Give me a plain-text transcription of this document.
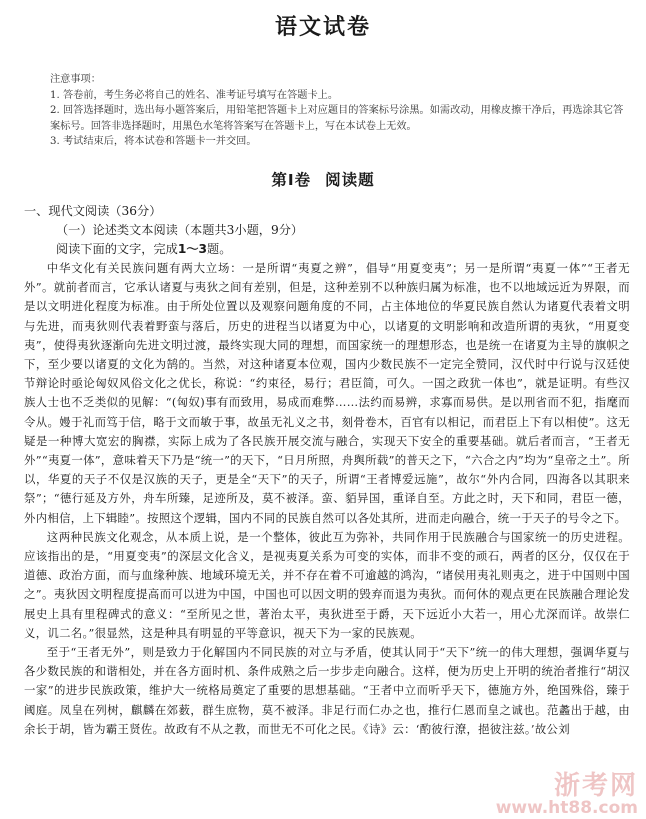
语文试卷
注意事项：
1. 答卷前，考生务必将自己的姓名、准考证号填写在答题卡上。
2. 回答选择题时，选出每小题答案后，用铅笔把答题卡上对应题目的答案标号涂黑。如需改动，用橡皮擦干净后，再选涂其它答案标号。回答非选择题时，用黑色水笔将答案写在答题卡上，写在本试卷上无效。
3. 考试结束后，将本试卷和答题卡一并交回。
第Ⅰ卷 阅读题
一、现代文阅读（36分）
（一）论述类文本阅读（本题共3小题，9分）
阅读下面的文字，完成1～3题。

中华文化有关民族问题有两大立场：一是所谓“夷夏之辨”，倡导“用夏变夷”；另一是所谓“夷夏一体”“王者无外”。就前者而言，它承认诸夏与夷狄之间有差别，但是，这种差别不以种族归属为标准，也不以地域远近为界限，而是以文明进化程度为标准。由于所处位置以及观察问题角度的不同，占主体地位的华夏民族自然认为诸夏代表着文明与先进，而夷狄则代表着野蛮与落后，历史的进程当以诸夏为中心，以诸夏的文明影响和改造所谓的夷狄，“用夏变夷”，使得夷狄逐渐向先进文明过渡，最终实现大同的理想，而国家统一的理想形态，也是统一在诸夏为主导的旗帜之下，至少要以诸夏的文化为鹄的。当然，对这种诸夏本位观，国内少数民族不一定完全赞同，汉代时中行说与汉廷使节辩论时亟论匈奴风俗文化之优长，称说：“约束径，易行；君臣简，可久。一国之政犹一体也”，就是证明。有些汉族人士也不乏类似的见解：“(匈奴)事有而致用，易成而难弊……法约而易辨，求寡而易供。是以刑省而不犯，指麾而令从。嫚于礼而笃于信，略于文而敏于事，故虽无礼义之书，刻骨卷木，百官有以相记，而君臣上下有以相使”。这无疑是一种博大宽宏的胸襟，实际上成为了各民族开展交流与融合，实现天下安全的重要基础。就后者而言，“王者无外”“夷夏一体”，意味着天下乃是“统一”的天下，“日月所照，舟舆所载”的普天之下，“六合之内”均为“皇帝之土”。所以，华夏的天子不仅是汉族的天子，更是全“天下”的天子，所谓“王者博爱远施”，故尔“外内合同，四海各以其职来祭”；“德行延及方外，舟车所臻，足迹所及，莫不被泽。蛮、貊异国，重译自至。方此之时，天下和同，君臣一德，外内相信，上下辑睦”。按照这个逻辑，国内不同的民族自然可以各处其所，进而走向融合，统一于天子的号令之下。

这两种民族文化观念，从本质上说，是一个整体，彼此互为弥补，共同作用于民族融合与国家统一的历史进程。应该指出的是，“用夏变夷”的深层文化含义，是视夷夏关系为可变的实体，而非不变的顽石，两者的区分，仅仅在于道德、政治方面，而与血缘种族、地域环境无关，并不存在着不可逾越的鸿沟，“诸侯用夷礼则夷之，进于中国则中国之”。夷狄因文明程度提高而可以进为中国，中国也可以因文明的毁弃而退为夷狄。而何休的观点更在民族融合理论发展史上具有里程碑式的意义：“至所见之世，著治太平，夷狄进至于爵，天下远近小大若一，用心尤深而详。故崇仁义，讥二名。”很显然，这是种具有明显的平等意识，视天下为一家的民族观。

至于“王者无外”，则是致力于化解国内不同民族的对立与矛盾，使其认同于“天下”统一的伟大理想，强调华夏与各少数民族的和谐相处，并在各方面时机、条件成熟之后一步步走向融合。这样，便为历史上开明的统治者推行“胡汉一家”的进步民族政策，维护大一统格局奠定了重要的思想基础。“王者中立而听乎天下，德施方外，绝国殊俗，臻于阈庭。凤皇在列树，麒麟在郊薮，群生庶物，莫不被泽。非足行而仁办之也，推行仁恩而皇之诚也。范蠡出于越，由余长于胡，皆为霸王贤佐。故政有不从之教，而世无不可化之民。《诗》云：‘酌彼行潦，挹彼注兹。’故公刘

浙考网
www.ht88.com
